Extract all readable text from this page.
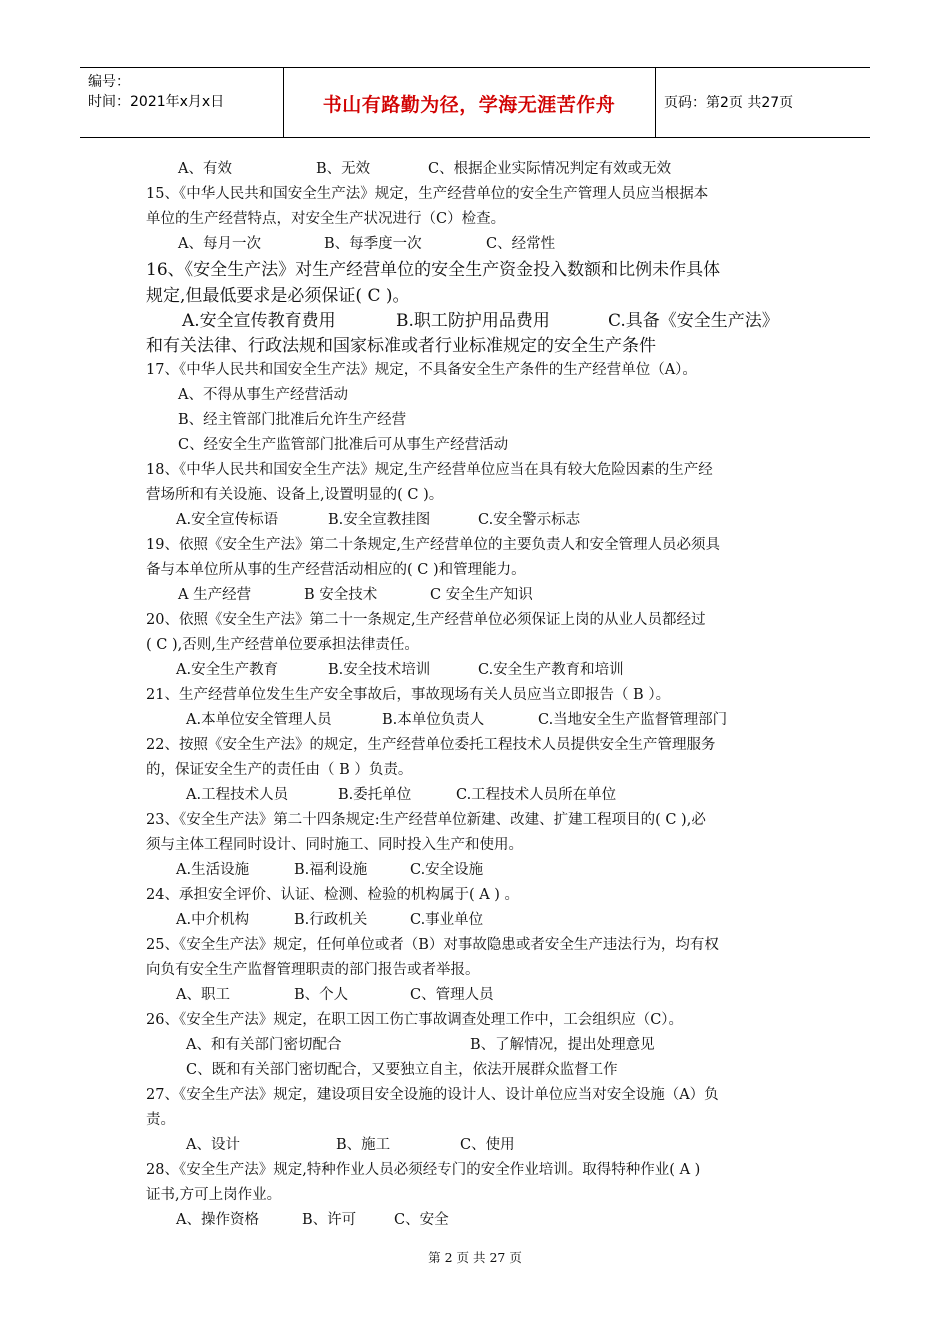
编号：
时间：2021年x月x日	书山有路勤为径，学海无涯苦作舟	页码：第2页 共27页
A、有效	B、无效	C、根据企业实际情况判定有效或无效
15、《中华人民共和国安全生产法》规定，生产经营单位的安全生产管理人员应当根据本
单位的生产经营特点，对安全生产状况进行（C）检查。
A、每月一次	B、每季度一次	C、经常性
16、《安全生产法》对生产经营单位的安全生产资金投入数额和比例未作具体
规定,但最低要求是必须保证( C )。
A.安全宣传教育费用	B.职工防护用品费用	C.具备《安全生产法》
和有关法律、行政法规和国家标准或者行业标准规定的安全生产条件
17、《中华人民共和国安全生产法》规定，不具备安全生产条件的生产经营单位（A）。
A、不得从事生产经营活动
B、经主管部门批准后允许生产经营
C、经安全生产监管部门批准后可从事生产经营活动
18、《中华人民共和国安全生产法》规定,生产经营单位应当在具有较大危险因素的生产经
营场所和有关设施、设备上,设置明显的( C )。
A.安全宣传标语	B.安全宣教挂图	C.安全警示标志
19、依照《安全生产法》第二十条规定,生产经营单位的主要负责人和安全管理人员必须具
备与本单位所从事的生产经营活动相应的( C )和管理能力。
A 生产经营	B 安全技术	C 安全生产知识
20、依照《安全生产法》第二十一条规定,生产经营单位必须保证上岗的从业人员都经过
( C ),否则,生产经营单位要承担法律责任。
A.安全生产教育	B.安全技术培训	C.安全生产教育和培训
21、生产经营单位发生生产安全事故后，事故现场有关人员应当立即报告（ B ）。
A.本单位安全管理人员	B.本单位负责人	C.当地安全生产监督管理部门
22、按照《安全生产法》的规定，生产经营单位委托工程技术人员提供安全生产管理服务
的，保证安全生产的责任由（ B ）负责。
A.工程技术人员	B.委托单位	C.工程技术人员所在单位
23、《安全生产法》第二十四条规定:生产经营单位新建、改建、扩建工程项目的( C ),必
须与主体工程同时设计、同时施工、同时投入生产和使用。
A.生活设施	B.福利设施	C.安全设施
24、承担安全评价、认证、检测、检验的机构属于( A ) 。
A.中介机构	B.行政机关	C.事业单位
25、《安全生产法》规定，任何单位或者（B）对事故隐患或者安全生产违法行为，均有权
向负有安全生产监督管理职责的部门报告或者举报。
A、职工	B、个人	C、管理人员
26、《安全生产法》规定，在职工因工伤亡事故调查处理工作中，工会组织应（C）。
A、和有关部门密切配合	B、了解情况，提出处理意见
C、既和有关部门密切配合，又要独立自主，依法开展群众监督工作
27、《安全生产法》规定，建设项目安全设施的设计人、设计单位应当对安全设施（A）负
责。
A、设计	B、施工	C、使用
28、《安全生产法》规定,特种作业人员必须经专门的安全作业培训。取得特种作业( A )
证书,方可上岗作业。
A、操作资格	B、许可	C、安全
第 2 页 共 27 页
